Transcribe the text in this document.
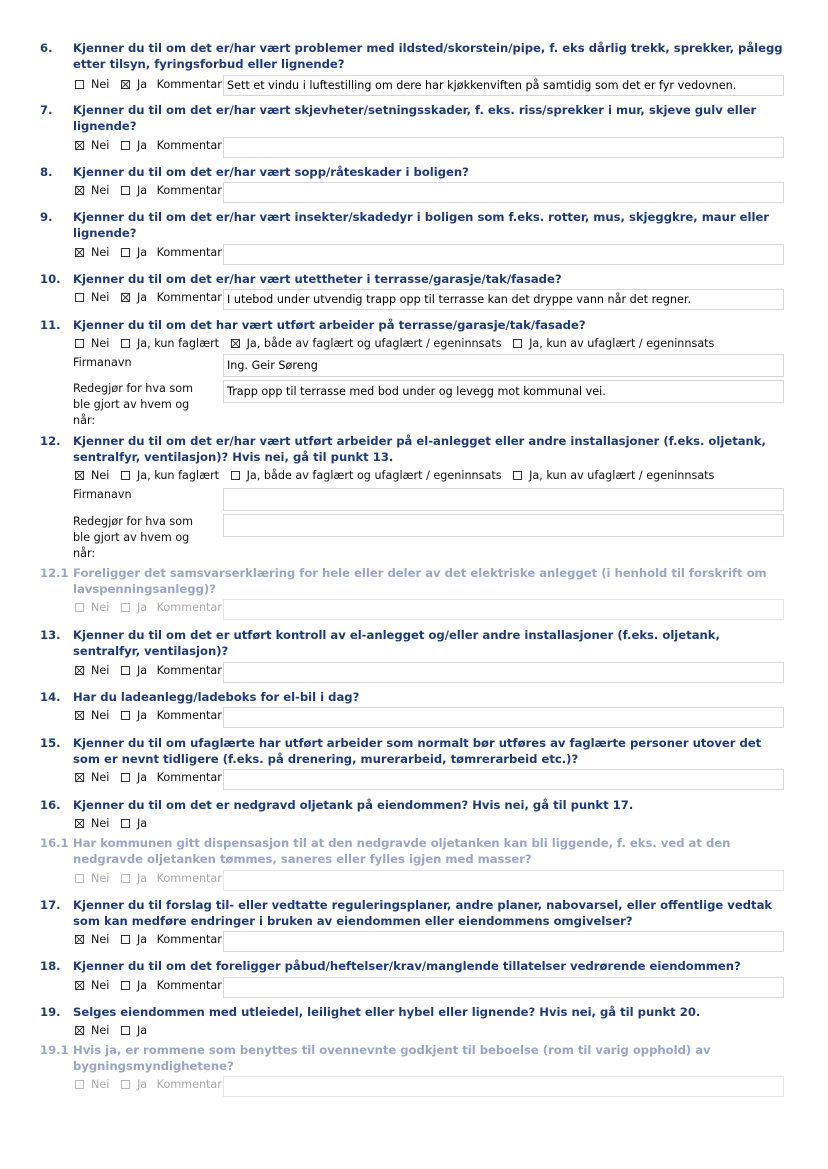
6.	Kjenner du til om det er/har vært problemer med ildsted/skorstein/pipe, f. eks dårlig trekk, sprekker, pålegg etter tilsyn, fyringsforbud eller lignende?
Nei Ja Kommentar Sett et vindu i luftestilling om dere har kjøkkenviften på samtidig som det er fyr vedovnen.
7.	Kjenner du til om det er/har vært skjevheter/setningsskader, f. eks. riss/sprekker i mur, skjeve gulv eller lignende?
Nei Ja Kommentar
8.	Kjenner du til om det er/har vært sopp/råteskader i boligen?
Nei Ja Kommentar
9.	Kjenner du til om det er/har vært insekter/skadedyr i boligen som f.eks. rotter, mus, skjeggkre, maur eller lignende?
Nei Ja Kommentar
10.	Kjenner du til om det er/har vært utettheter i terrasse/garasje/tak/fasade?
Nei Ja Kommentar I utebod under utvendig trapp opp til terrasse kan det dryppe vann når det regner.
11.	Kjenner du til om det har vært utført arbeider på terrasse/garasje/tak/fasade?
Nei Ja, kun faglært Ja, både av faglært og ufaglært / egeninnsats Ja, kun av ufaglært / egeninnsats
Firmanavn	Ing. Geir Søreng
Redegjør for hva som ble gjort av hvem og når:
Trapp opp til terrasse med bod under og levegg mot kommunal vei.
12.	Kjenner du til om det er/har vært utført arbeider på el-anlegget eller andre installasjoner (f.eks. oljetank, sentralfyr, ventilasjon)? Hvis nei, gå til punkt 13.
Nei Ja, kun faglært Ja, både av faglært og ufaglært / egeninnsats Ja, kun av ufaglært / egeninnsats
Firmanavn
Redegjør for hva som ble gjort av hvem og når:
12.1 Foreligger det samsvarserklæring for hele eller deler av det elektriske anlegget (i henhold til forskrift om lavspenningsanlegg)?
Nei Ja Kommentar
13.	Kjenner du til om det er utført kontroll av el-anlegget og/eller andre installasjoner (f.eks. oljetank, sentralfyr, ventilasjon)?
Nei Ja Kommentar
14.	Har du ladeanlegg/ladeboks for el-bil i dag?
Nei Ja Kommentar
15.	Kjenner du til om ufaglærte har utført arbeider som normalt bør utføres av faglærte personer utover det som er nevnt tidligere (f.eks. på drenering, murerarbeid, tømrerarbeid etc.)?
Nei Ja Kommentar
16.	Kjenner du til om det er nedgravd oljetank på eiendommen? Hvis nei, gå til punkt 17.
Nei Ja
16.1 Har kommunen gitt dispensasjon til at den nedgravde oljetanken kan bli liggende, f. eks. ved at den nedgravde oljetanken tømmes, saneres eller fylles igjen med masser?
Nei Ja Kommentar
17.	Kjenner du til forslag til- eller vedtatte reguleringsplaner, andre planer, nabovarsel, eller offentlige vedtak som kan medføre endringer i bruken av eiendommen eller eiendommens omgivelser?
Nei Ja Kommentar
18.	Kjenner du til om det foreligger påbud/heftelser/krav/manglende tillatelser vedrørende eiendommen?
Nei Ja Kommentar
19.	Selges eiendommen med utleiedel, leilighet eller hybel eller lignende? Hvis nei, gå til punkt 20.
Nei Ja
19.1 Hvis ja, er rommene som benyttes til ovennevnte godkjent til beboelse (rom til varig opphold) av bygningsmyndighetene?
Nei Ja Kommentar
